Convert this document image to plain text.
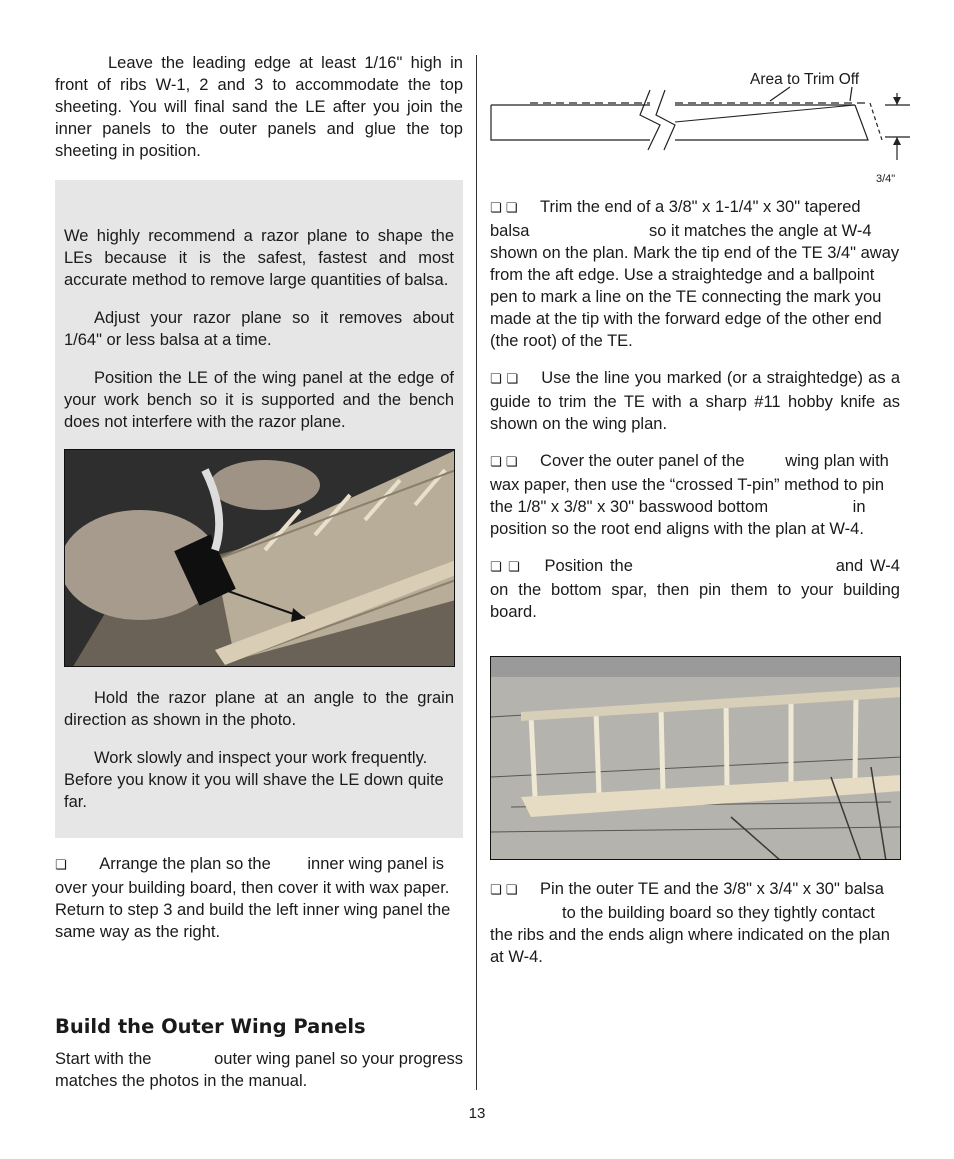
Leave the leading edge at least 1/16" high in front of ribs W-1, 2 and 3 to accommodate the top sheeting. You will final sand the LE after you join the inner panels to the outer panels and glue the top sheeting in position.

We highly recommend a razor plane to shape the LEs because it is the safest, fastest and most accurate method to remove large quantities of balsa.

Adjust your razor plane so it removes about 1/64" or less balsa at a time.

Position the LE of the wing panel at the edge of your work bench so it is supported and the bench does not interfere with the razor plane.

Hold the razor plane at an angle to the grain direction as shown in the photo.

Work slowly and inspect your work frequently. Before you know it you will shave the LE down quite far.

❏ Arrange the plan so the inner wing panel is over your building board, then cover it with wax paper. Return to step 3 and build the left inner wing panel the same way as the right.

Build the Outer Wing Panels

Start with the	outer wing panel so your progress matches the photos in the manual.

Area to Trim Off
3/4"

❏ ❏ Trim the end of a 3/8" x 1-1/4" x 30" tapered balsa	so it matches the angle at W-4 shown on the plan. Mark the tip end of the TE 3/4" away from the aft edge. Use a straightedge and a ballpoint pen to mark a line on the TE connecting the mark you made at the tip with the forward edge of the other end (the root) of the TE.

❏ ❏ Use the line you marked (or a straightedge) as a guide to trim the TE with a sharp #11 hobby knife as shown on the wing plan.

❏ ❏ Cover the outer panel of the wing plan with wax paper, then use the “crossed T-pin” method to pin the 1/8" x 3/8" x 30" basswood bottom	in position so the root end aligns with the plan at W-4.

❏ ❏ Position the	and W-4 on the bottom spar, then pin them to your building board.

❏ ❏ Pin the outer TE and the 3/8" x 3/4" x 30" balsa to the building board so they tightly contact the ribs and the ends align where indicated on the plan at W-4.

13
